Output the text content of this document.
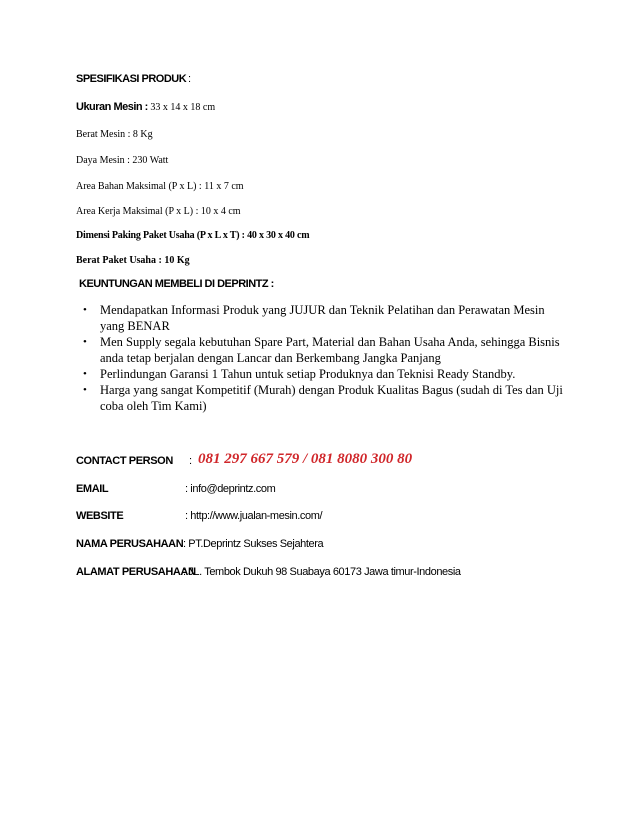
SPESIFIKASI PRODUK :
Ukuran Mesin : 33 x 14 x 18 cm
Berat Mesin : 8 Kg
Daya Mesin : 230 Watt
Area Bahan Maksimal (P x L) : 11 x 7 cm
Area Kerja Maksimal (P x L) : 10 x 4 cm
Dimensi Paking Paket Usaha (P x L x T) : 40 x 30 x 40 cm
Berat Paket Usaha : 10 Kg
KEUNTUNGAN MEMBELI DI DEPRINTZ :
• Mendapatkan Informasi Produk yang JUJUR dan Teknik Pelatihan dan Perawatan Mesin yang BENAR
• Men Supply segala kebutuhan Spare Part, Material dan Bahan Usaha Anda, sehingga Bisnis anda tetap berjalan dengan Lancar dan Berkembang Jangka Panjang
• Perlindungan Garansi 1 Tahun untuk setiap Produknya dan Teknisi Ready Standby.
• Harga yang sangat Kompetitif (Murah) dengan Produk Kualitas Bagus (sudah di Tes dan Uji coba oleh Tim Kami)
CONTACT PERSON : 081 297 667 579 / 081 8080 300 80
EMAIL	: info@deprintz.com
WEBSITE	: http://www.jualan-mesin.com/
NAMA PERUSAHAAN : PT.Deprintz Sukses Sejahtera
ALAMAT PERUSAHAAN
: JL. Tembok Dukuh 98 Suabaya 60173 Jawa timur-Indonesia
